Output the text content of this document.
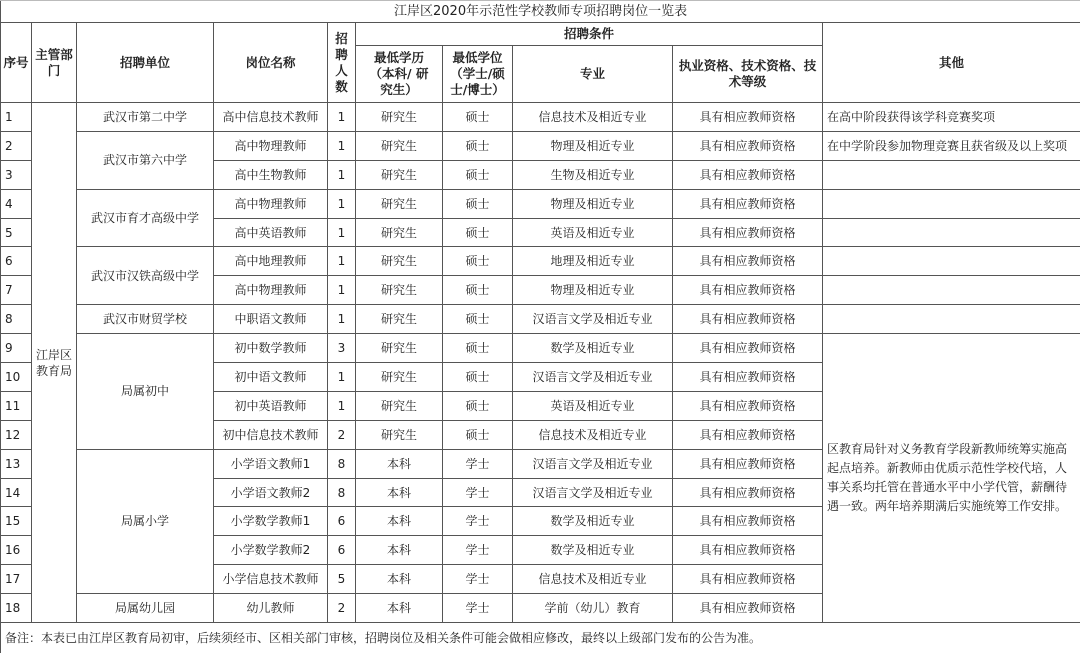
江岸区2020年示范性学校教师专项招聘岗位一览表									
序号	主管部门	招聘单位	岗位名称	招聘人数	招聘条件				其他
					最低学历（本科/ 研究生）	最低学位（学士/硕士/博士）	专业	执业资格、技术资格、技术等级	
1	江岸区教育局	武汉市第二中学	高中信息技术教师	1	研究生	硕士	信息技术及相近专业	具有相应教师资格	在高中阶段获得该学科竞赛奖项
2		武汉市第六中学	高中物理教师	1	研究生	硕士	物理及相近专业	具有相应教师资格	在中学阶段参加物理竞赛且获省级及以上奖项
3			高中生物教师	1	研究生	硕士	生物及相近专业	具有相应教师资格	
4		武汉市育才高级中学	高中物理教师	1	研究生	硕士	物理及相近专业	具有相应教师资格	
5			高中英语教师	1	研究生	硕士	英语及相近专业	具有相应教师资格	
6		武汉市汉铁高级中学	高中地理教师	1	研究生	硕士	地理及相近专业	具有相应教师资格	
7			高中物理教师	1	研究生	硕士	物理及相近专业	具有相应教师资格	
8		武汉市财贸学校	中职语文教师	1	研究生	硕士	汉语言文学及相近专业	具有相应教师资格	
9		局属初中	初中数学教师	3	研究生	硕士	数学及相近专业	具有相应教师资格	区教育局针对义务教育学段新教师统筹实施高起点培养。新教师由优质示范性学校代培，人事关系均托管在普通水平中小学代管，薪酬待遇一致。两年培养期满后实施统筹工作安排。
10			初中语文教师	1	研究生	硕士	汉语言文学及相近专业	具有相应教师资格	
11			初中英语教师	1	研究生	硕士	英语及相近专业	具有相应教师资格	
12			初中信息技术教师	2	研究生	硕士	信息技术及相近专业	具有相应教师资格	
13		局属小学	小学语文教师1	8	本科	学士	汉语言文学及相近专业	具有相应教师资格	
14			小学语文教师2	8	本科	学士	汉语言文学及相近专业	具有相应教师资格	
15			小学数学教师1	6	本科	学士	数学及相近专业	具有相应教师资格	
16			小学数学教师2	6	本科	学士	数学及相近专业	具有相应教师资格	
17			小学信息技术教师	5	本科	学士	信息技术及相近专业	具有相应教师资格	
18		局属幼儿园	幼儿教师	2	本科	学士	学前（幼儿）教育	具有相应教师资格	
备注：本表已由江岸区教育局初审，后续须经市、区相关部门审核，招聘岗位及相关条件可能会做相应修改，最终以上级部门发布的公告为准。									
